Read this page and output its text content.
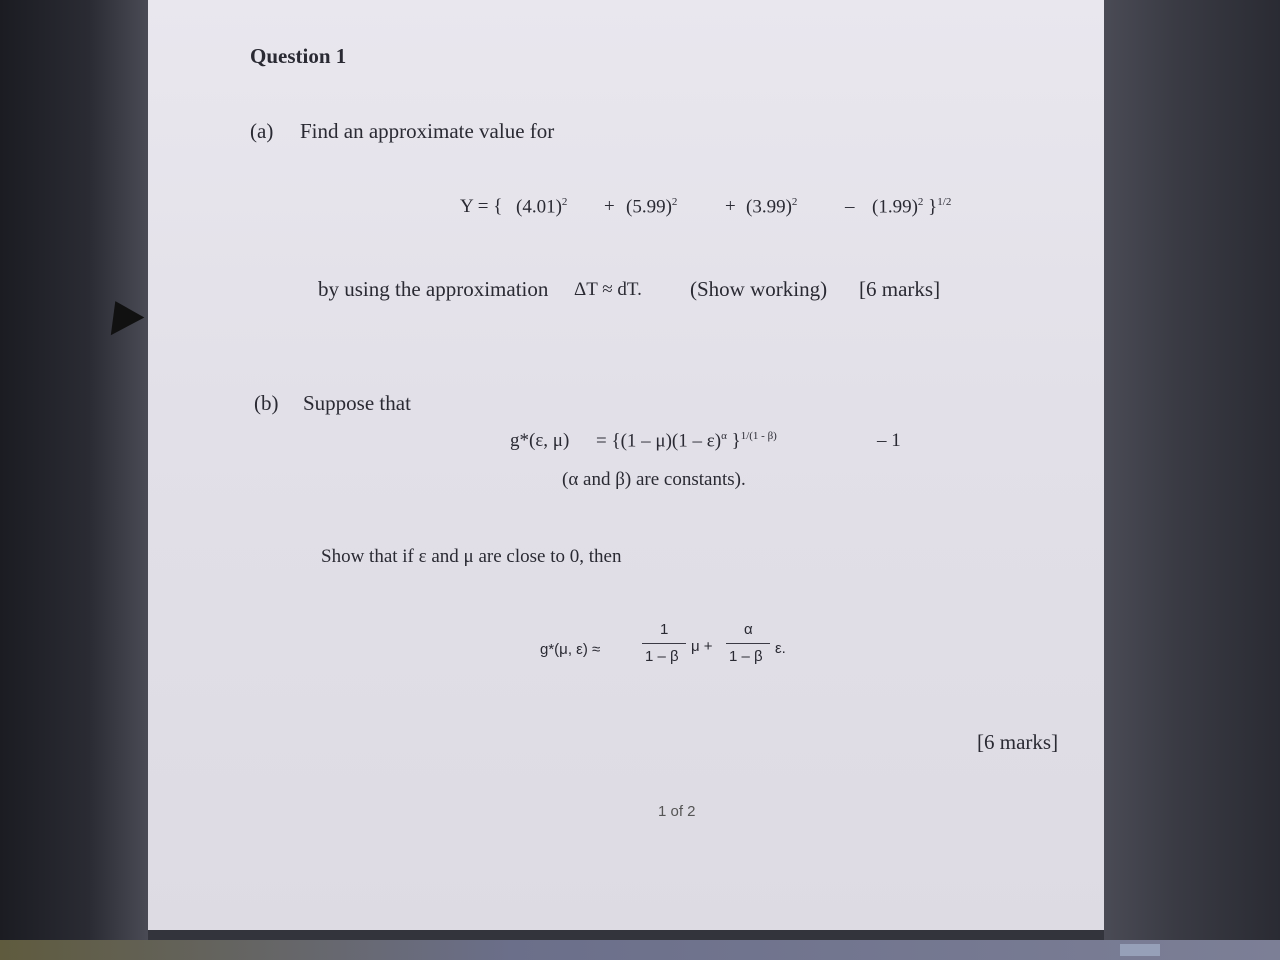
Question 1
(a) Find an approximate value for
Y = { $(4.01)^2 + (5.99)^2$	+ $(3.99)^2$	– $(1.99)^2$ }$^{1/2}$
by using the approximation ΔT ≈ dT. (Show working) [6 marks]
(b) Suppose that
g*(ε, μ) = {(1 – μ)(1 – ε)$^\alpha$ }$^{1/(1 - \beta)}$	– 1
(α and β) are constants).
Show that if ε and μ are close to 0, then
g*(μ, ε) ≈
1
1 – β
μ +
α
1 – β ε.
[6 marks]
1 of 2
